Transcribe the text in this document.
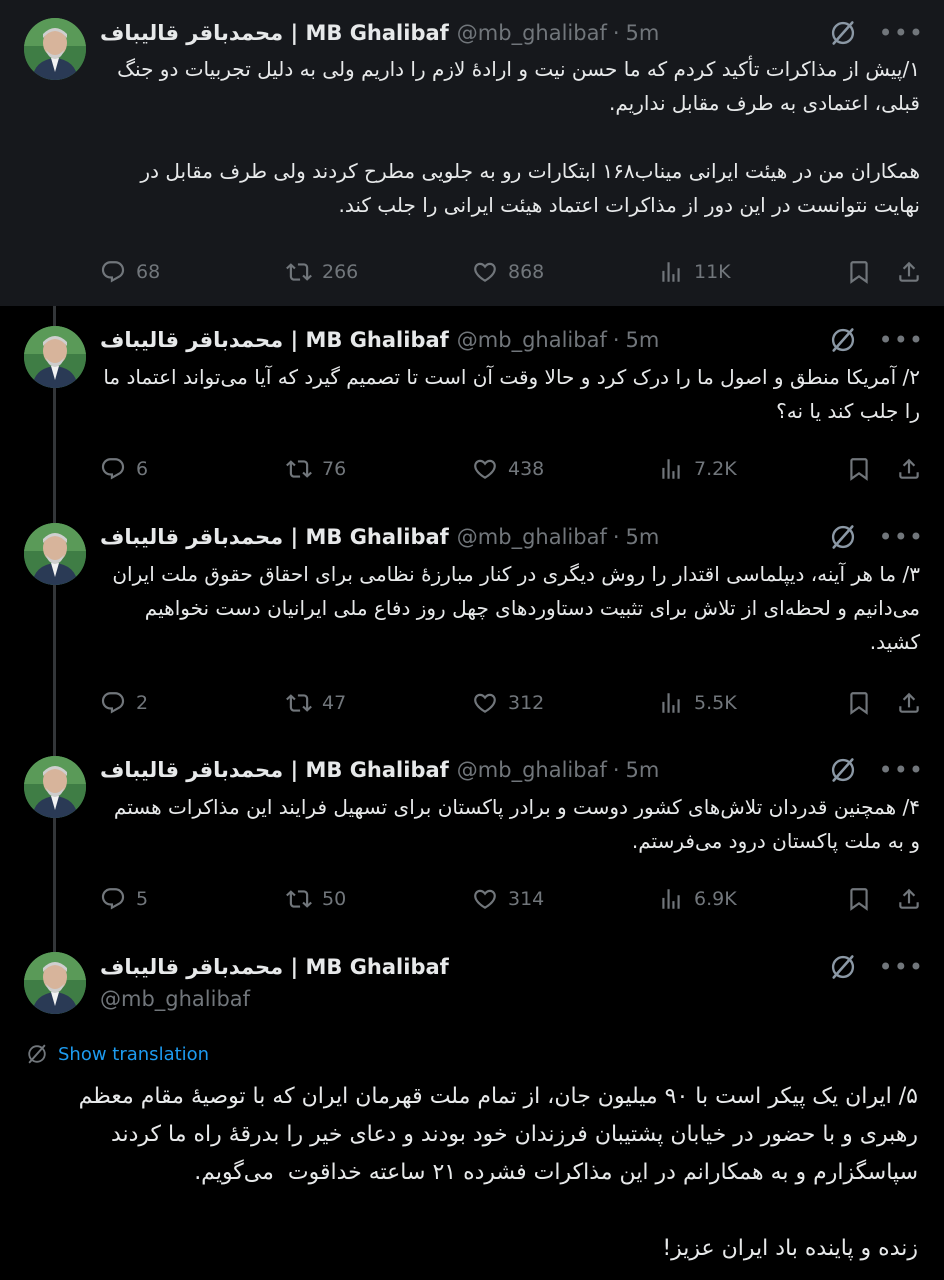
محمدباقر قالیباف | MB Ghalibaf @mb_ghalibaf · 5m	•••
۱/پیش از مذاکرات تأکید کردم که ما حسن نیت و ارادهٔ لازم را داریم ولی به دلیل تجربیات دو جنگ قبلی، اعتمادی به طرف مقابل نداریم.

همکاران من در هیئت ایرانی میناب۱۶۸ ابتکارات رو به جلویی مطرح کردند ولی طرف مقابل در نهایت نتوانست در این دور از مذاکرات اعتماد هیئت ایرانی را جلب کند.
68	266	868	11K
محمدباقر قالیباف | MB Ghalibaf @mb_ghalibaf · 5m	•••
۲/ آمریکا منطق و اصول ما را درک کرد و حالا وقت آن است تا تصمیم گیرد که آیا می‌تواند اعتماد ما را جلب کند یا نه؟
6	76	438	7.2K
محمدباقر قالیباف | MB Ghalibaf @mb_ghalibaf · 5m	•••
۳/ ما هر آینه، دیپلماسی اقتدار را روش دیگری در کنار مبارزهٔ نظامی برای احقاق حقوق ملت ایران می‌دانیم و لحظه‌ای از تلاش برای تثبیت دستاوردهای چهل روز دفاع ملی ایرانیان دست نخواهیم کشید.
2	47	312	5.5K
محمدباقر قالیباف | MB Ghalibaf @mb_ghalibaf · 5m	•••
۴/ همچنین قدردان تلاش‌های کشور دوست و برادر پاکستان برای تسهیل فرایند این مذاکرات هستم و به ملت پاکستان درود می‌فرستم.
5	50	314	6.9K
محمدباقر قالیباف | MB Ghalibaf	•••
@mb_ghalibaf
Show translation
۵/ ایران یک پیکر است با ۹۰ میلیون جان، از تمام ملت قهرمان ایران که با توصیهٔ مقام معظم رهبری و با حضور در خیابان پشتیبان فرزندان خود بودند و دعای خیر را بدرقهٔ راه ما کردند سپاسگزارم و به همکارانم در این مذاکرات فشرده ۲۱ ساعته خداقوت  می‌گویم.

زنده و پاینده باد ایران عزیز!
